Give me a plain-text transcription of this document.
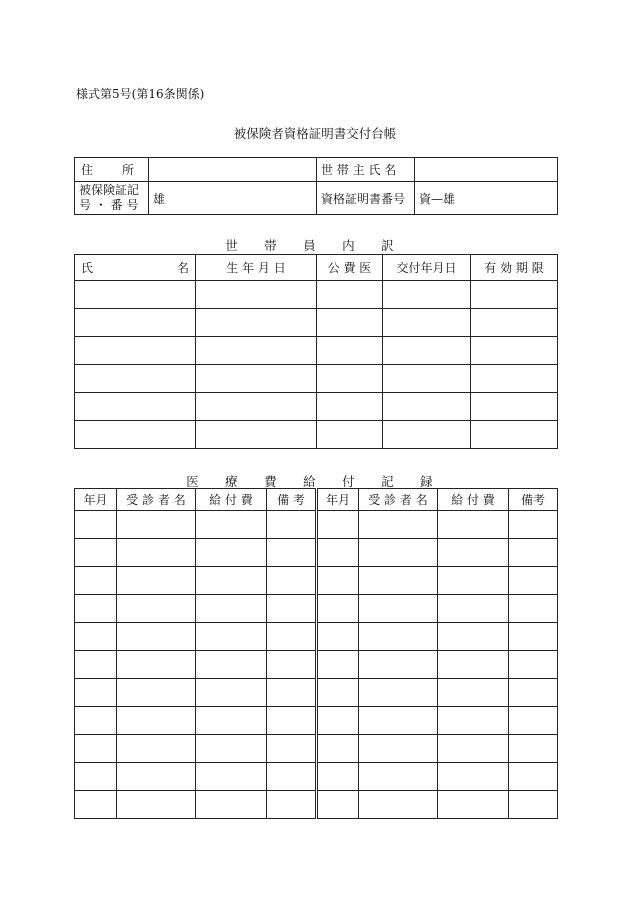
様式第5号(第16条関係)
被保険者資格証明書交付台帳
住 所		世 帯 主 氏 名	

被保険証記
号 ・ 番 号	雄	資格証明書番号	資—雄
世 帯 員 内 訳
氏 名	生 年 月 日	公 費 医	交付年月日	有 効 期 限

医 療 費 給 付 記 録
年月	受 診 者 名	給 付 費	備 考	年月	受 診 者 名	給 付 費	備考
